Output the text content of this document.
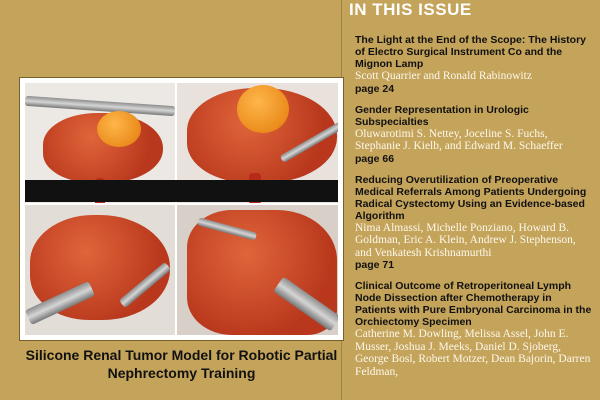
Silicone Renal Tumor Model for Robotic Partial Nephrectomy Training
IN THIS ISSUE

The Light at the End of the Scope: The History of Electro Surgical Instrument Co and the Mignon Lamp

Scott Quarrier and Ronald Rabinowitz

page 24

Gender Representation in Urologic Subspecialties

Oluwarotimi S. Nettey, Joceline S. Fuchs, Stephanie J. Kielb, and Edward M. Schaeffer

page 66

Reducing Overutilization of Preoperative Medical Referrals Among Patients Undergoing Radical Cystectomy Using an Evidence-based Algorithm

Nima Almassi, Michelle Ponziano, Howard B. Goldman, Eric A. Klein, Andrew J. Stephenson, and Venkatesh Krishnamurthi

page 71

Clinical Outcome of Retroperitoneal Lymph Node Dissection after Chemotherapy in Patients with Pure Embryonal Carcinoma in the Orchiectomy Specimen

Catherine M. Dowling, Melissa Assel, John E. Musser, Joshua J. Meeks, Daniel D. Sjoberg, George Bosl, Robert Motzer, Dean Bajorin, Darren Feldman,
